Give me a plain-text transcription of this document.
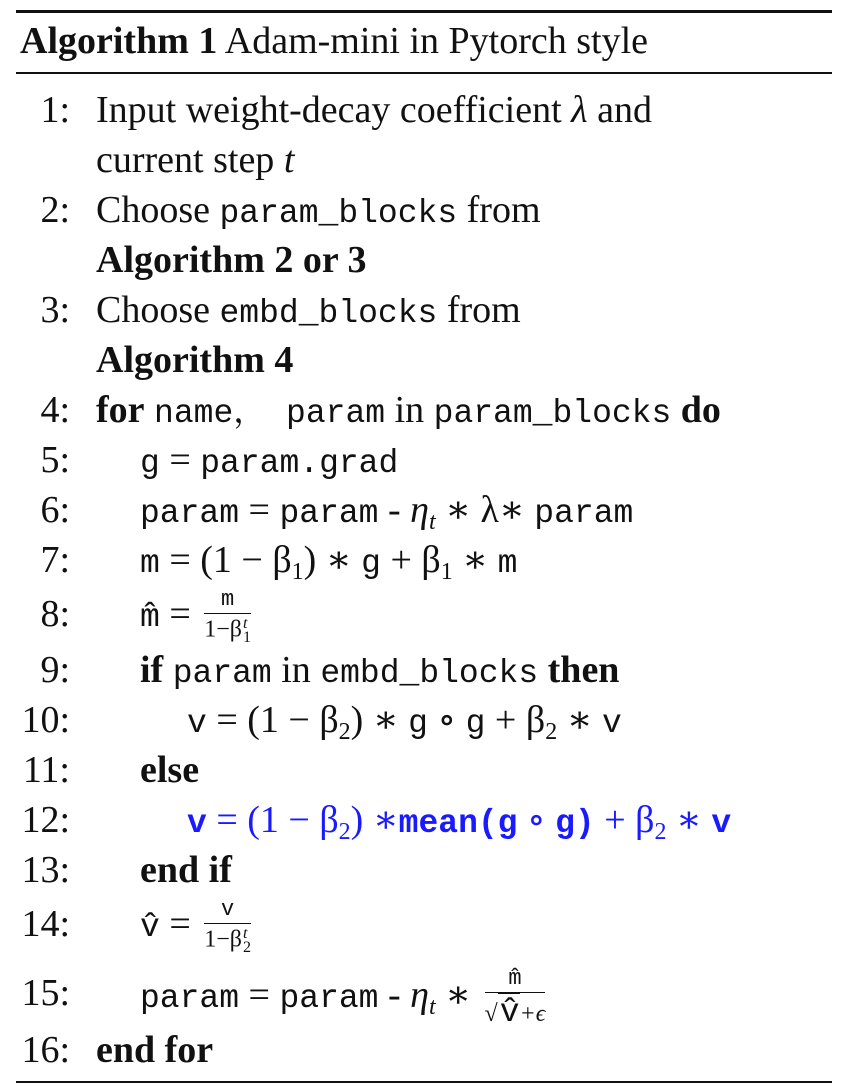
Algorithm 1 Adam-mini in Pytorch style
1: Input weight-decay coefficient λ and
current step t
2: Choose param_blocks from
Algorithm 2 or 3
3: Choose embd_blocks from
Algorithm 4
4: for name， param in param_blocks do
5: g = param.grad
6: param = param - $\eta_t$ ∗ λ∗ param
7: $m = (1 - \beta_1)$ ∗ $g + \beta_1$ ∗ m
8: m̂ = m
1−β t
1
9: if param in embd_blocks then
10:	$v = (1 - \beta_2)$ ∗ g ∘ $g + \beta_2$ ∗ v
11: else
12:	$v = (1 - \beta_2)$ ∗mean(g ∘ $g) + \beta_2$ ∗ v
13: end if
14: v̂ = v
1−β t
2
15: param = param - $\eta_t$ ∗ $\frac{m̂}{√v̂+\epsilon}$
16: end for
